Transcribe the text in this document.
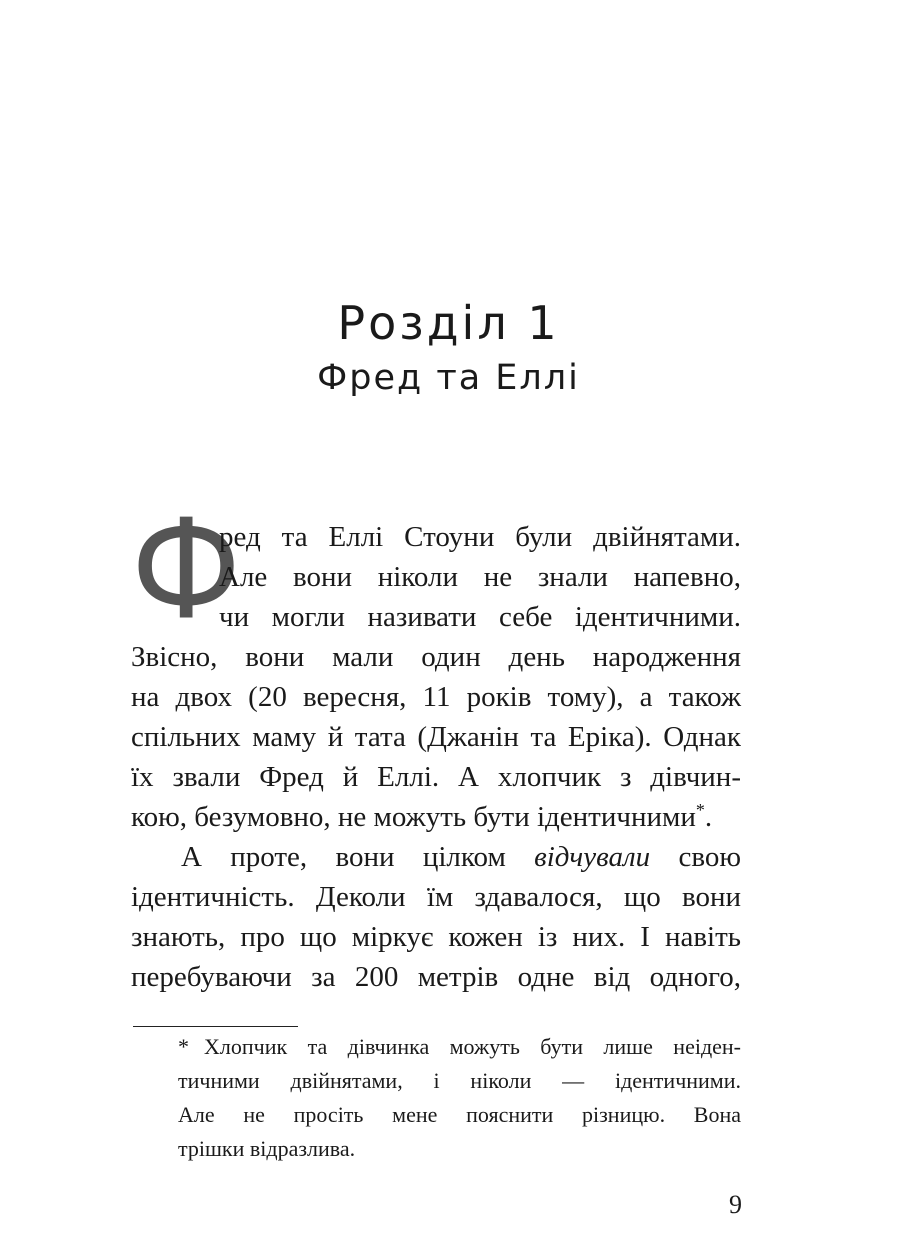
Розділ 1
Фред та Еллі
Ф
ред та Еллі Стоуни були двійнятами.
Але вони ніколи не знали напевно,
чи могли називати себе ідентичними.
Звісно, вони мали один день народження
на двох (20 вересня, 11 років тому), а також
спільних маму й тата (Джанін та Еріка). Однак
їх звали Фред й Еллі. А хлопчик з дівчин-
кою, безумовно, не можуть бути ідентичними*.
А проте, вони цілком відчували свою
ідентичність. Деколи їм здавалося, що вони
знають, про що міркує кожен із них. І навіть
перебуваючи за 200 метрів одне від одного,
* Хлопчик та дівчинка можуть бути лише неіден-
тичними двійнятами, і ніколи — ідентичними.
Але не просіть мене пояснити різницю. Вона
трішки відразлива.
9
